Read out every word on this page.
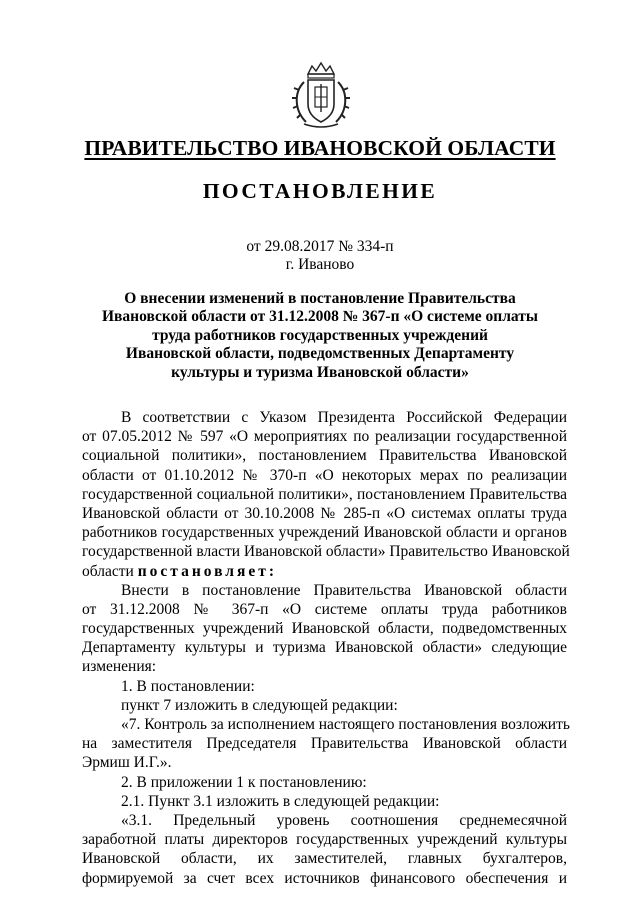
ПРАВИТЕЛЬСТВО ИВАНОВСКОЙ ОБЛАСТИ
ПОСТАНОВЛЕНИЕ
от 29.08.2017 № 334-п
г. Иваново
О внесении изменений в постановление Правительства
Ивановской области от 31.12.2008 № 367-п «О системе оплаты
труда работников государственных учреждений
Ивановской области, подведомственных Департаменту
культуры и туризма Ивановской области»
В соответствии с Указом Президента Российской Федерации
от 07.05.2012 № 597 «О мероприятиях по реализации государственной
социальной политики», постановлением Правительства Ивановской
области от 01.10.2012 № 370-п «О некоторых мерах по реализации
государственной социальной политики», постановлением Правительства
Ивановской области от 30.10.2008 № 285-п «О системах оплаты труда
работников государственных учреждений Ивановской области и органов
государственной власти Ивановской области» Правительство Ивановской
области постановляет:
Внести в постановление Правительства Ивановской области
от 31.12.2008 № 367-п «О системе оплаты труда работников
государственных учреждений Ивановской области, подведомственных
Департаменту культуры и туризма Ивановской области» следующие
изменения:
1. В постановлении:
пункт 7 изложить в следующей редакции:
«7. Контроль за исполнением настоящего постановления возложить
на заместителя Председателя Правительства Ивановской области
Эрмиш И.Г.».
2. В приложении 1 к постановлению:
2.1. Пункт 3.1 изложить в следующей редакции:
«3.1. Предельный уровень соотношения среднемесячной
заработной платы директоров государственных учреждений культуры
Ивановской области, их заместителей, главных бухгалтеров,
формируемой за счет всех источников финансового обеспечения и
